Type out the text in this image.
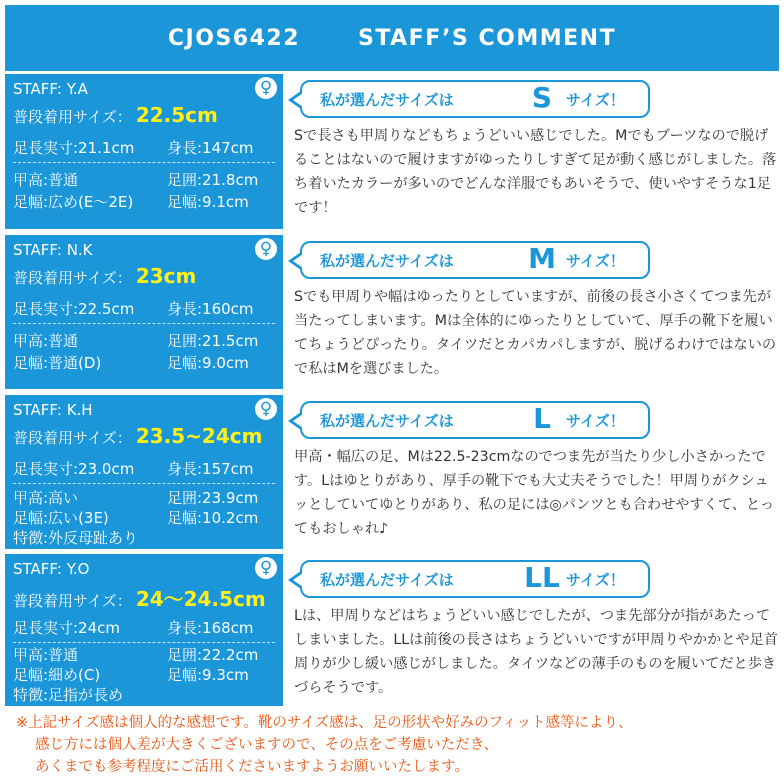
CJOS6422	STAFF’S COMMENT
STAFF: Y.A	♀
普段着用サイズ： 22.5cm
足長実寸:21.1cm 身長:147cm
甲高:普通	足囲:21.8cm
足幅:広め(E〜2E) 足幅:9.1cm
私が選んだサイズは	S サイズ！
Sで長さも甲周りなどもちょうどいい感じでした。Mでもブーツなので脱げることはないので履けますがゆったりしすぎて足が動く感じがしました。落ち着いたカラーが多いのでどんな洋服でもあいそうで、使いやすそうな1足です！
STAFF: N.K	♀
普段着用サイズ： 23cm
足長実寸:22.5cm 身長:160cm
甲高:普通	足囲:21.5cm
足幅:普通(D)	足幅:9.0cm
私が選んだサイズは	M サイズ！
Sでも甲周りや幅はゆったりとしていますが、前後の長さ小さくてつま先が当たってしまいます。Mは全体的にゆったりとしていて、厚手の靴下を履いてちょうどぴったり。タイツだとカパカパしますが、脱げるわけではないので私はMを選びました。
STAFF: K.H	♀
普段着用サイズ： 23.5~24cm
足長実寸:23.0cm 身長:157cm
甲高:高い	足囲:23.9cm
足幅:広い(3E)	足幅:10.2cm
特徴:外反母趾あり
私が選んだサイズは	L	サイズ！
甲高・幅広の足、Mは22.5-23cmなのでつま先が当たり少し小さかったです。Lはゆとりがあり、厚手の靴下でも大丈夫そうでした！甲周りがクシュッとしていてゆとりがあり、私の足には◎パンツとも合わせやすくて、とってもおしゃれ♪
STAFF: Y.O	♀
普段着用サイズ： 24〜24.5cm
足長実寸:24cm	身長:168cm
甲高:普通	足囲:22.2cm
足幅:細め(C)	足幅:9.3cm
特徴:足指が長め
私が選んだサイズは	LL サイズ！
Lは、甲周りなどはちょうどいい感じでしたが、つま先部分が指があたってしまいました。LLは前後の長さはちょうどいいですが甲周りやかかとや足首周りが少し緩い感じがしました。タイツなどの薄手のものを履いてだと歩きづらそうです。
※上記サイズ感は個人的な感想です。靴のサイズ感は、足の形状や好みのフィット感等により、
感じ方には個人差が大きくございますので、その点をご考慮いただき、
あくまでも参考程度にご活用くださいますようお願いいたします。
